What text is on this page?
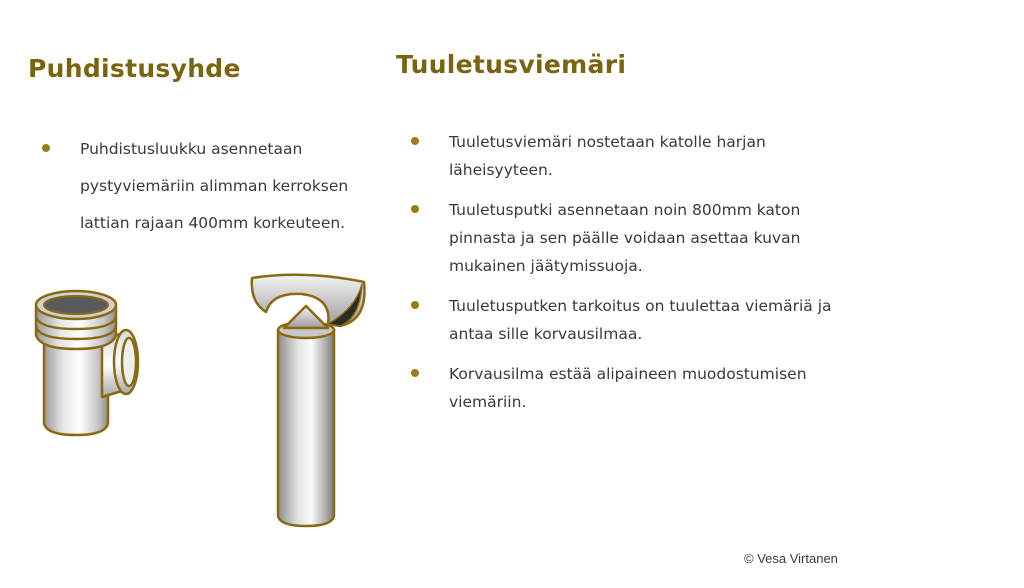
Puhdistusyhde	Tuuletusviemäri
Puhdistusluukku asennetaan pystyviemäriin alimman kerroksen lattian rajaan 400mm korkeuteen.
Tuuletusviemäri nostetaan katolle harjan läheisyyteen.
Tuuletusputki asennetaan noin 800mm katon pinnasta ja sen päälle voidaan asettaa kuvan mukainen jäätymissuoja.
Tuuletusputken tarkoitus on tuulettaa viemäriä ja antaa sille korvausilmaa.
Korvausilma estää alipaineen muodostumisen viemäriin.
© Vesa Virtanen
